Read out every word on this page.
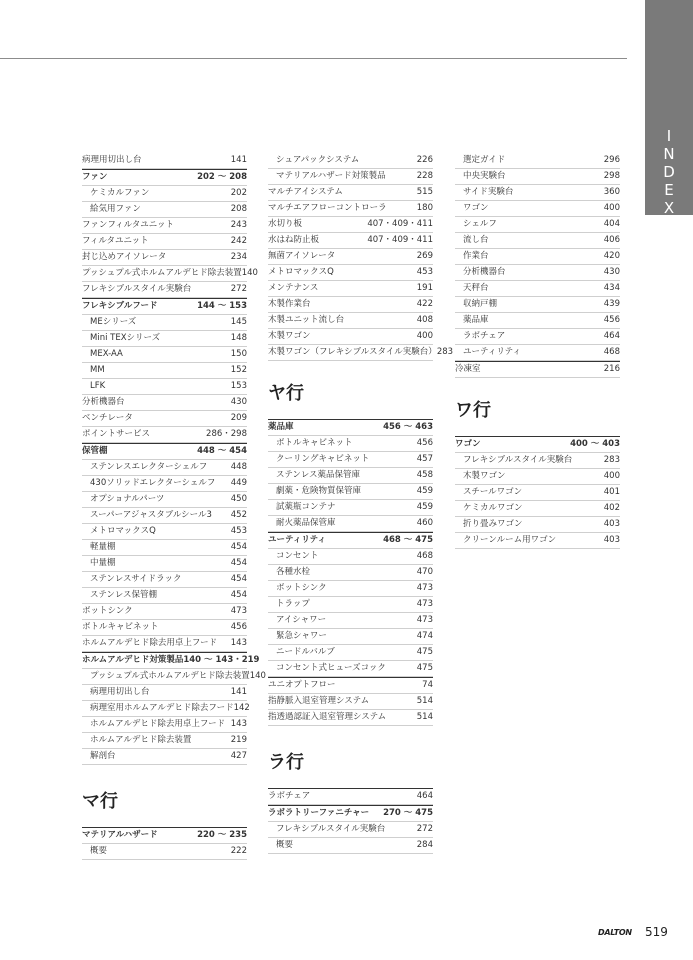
I
N
D
E
X
病理用切出し台	141
ファン	202 ～ 208
ケミカルファン	202
給気用ファン	208
ファンフィルタユニット	243
フィルタユニット	242
封じ込めアイソレータ	234
プッシュプル式ホルムアルデヒド除去装置 140
フレキシブルスタイル実験台	272
フレキシブルフード	144 ～ 153
MEシリーズ	145
Mini TEXシリーズ	148
MEX-AA	150
MM	152
LFK	153
分析機器台	430
ベンチレータ	209
ポイントサービス	286・298
保管棚	448 ～ 454
ステンレスエレクターシェルフ	448
430ソリッドエレクターシェルフ 449
オプショナルパーツ	450
スーパーアジャスタブルシール3 452
メトロマックスQ	453
軽量棚	454
中量棚	454
ステンレスサイドラック	454
ステンレス保管棚	454
ボットシンク	473
ボトルキャビネット	456
ホルムアルデヒド除去用卓上フード 143
ホルムアルデヒド対策製品 140 ～ 143・219
プッシュプル式ホルムアルデヒド除去装置 140
病理用切出し台	141
病理室用ホルムアルデヒド除去フード 142
ホルムアルデヒド除去用卓上フード 143
ホルムアルデヒド除去装置	219
解剖台	427
マ行
マテリアルハザード	220 ～ 235
概要	222
シュアパックシステム	226
マテリアルハザード対策製品	228
マルチアイシステム	515
マルチエアフローコントローラ	180
水切り板	407・409・411
水はね防止板	407・409・411
無菌アイソレータ	269
メトロマックスQ	453
メンテナンス	191
木製作業台	422
木製ユニット流し台	408
木製ワゴン	400
木製ワゴン（フレキシブルスタイル実験台） 283
ヤ行
薬品庫	456 ～ 463
ボトルキャビネット	456
クーリングキャビネット	457
ステンレス薬品保管庫	458
劇薬・危険物質保管庫	459
試薬瓶コンテナ	459
耐火薬品保管庫	460
ユーティリティ	468 ～ 475
コンセント	468
各種水栓	470
ボットシンク	473
トラップ	473
アイシャワー	473
緊急シャワー	474
ニードルバルブ	475
コンセント式ヒューズコック	475
ユニオプトフロー	74
指静脈入退室管理システム	514
指透過認証入退室管理システム	514
ラ行
ラボチェア	464
ラボラトリーファニチャー 270 ～ 475
フレキシブルスタイル実験台	272
概要	284
選定ガイド	296
中央実験台	298
サイド実験台	360
ワゴン	400
シェルフ	404
流し台	406
作業台	420
分析機器台	430
天秤台	434
収納戸棚	439
薬品庫	456
ラボチェア	464
ユーティリティ	468
冷凍室	216
ワ行
ワゴン	400 ～ 403
フレキシブルスタイル実験台	283
木製ワゴン	400
スチールワゴン	401
ケミカルワゴン	402
折り畳みワゴン	403
クリーンルーム用ワゴン	403
DALTON 519
